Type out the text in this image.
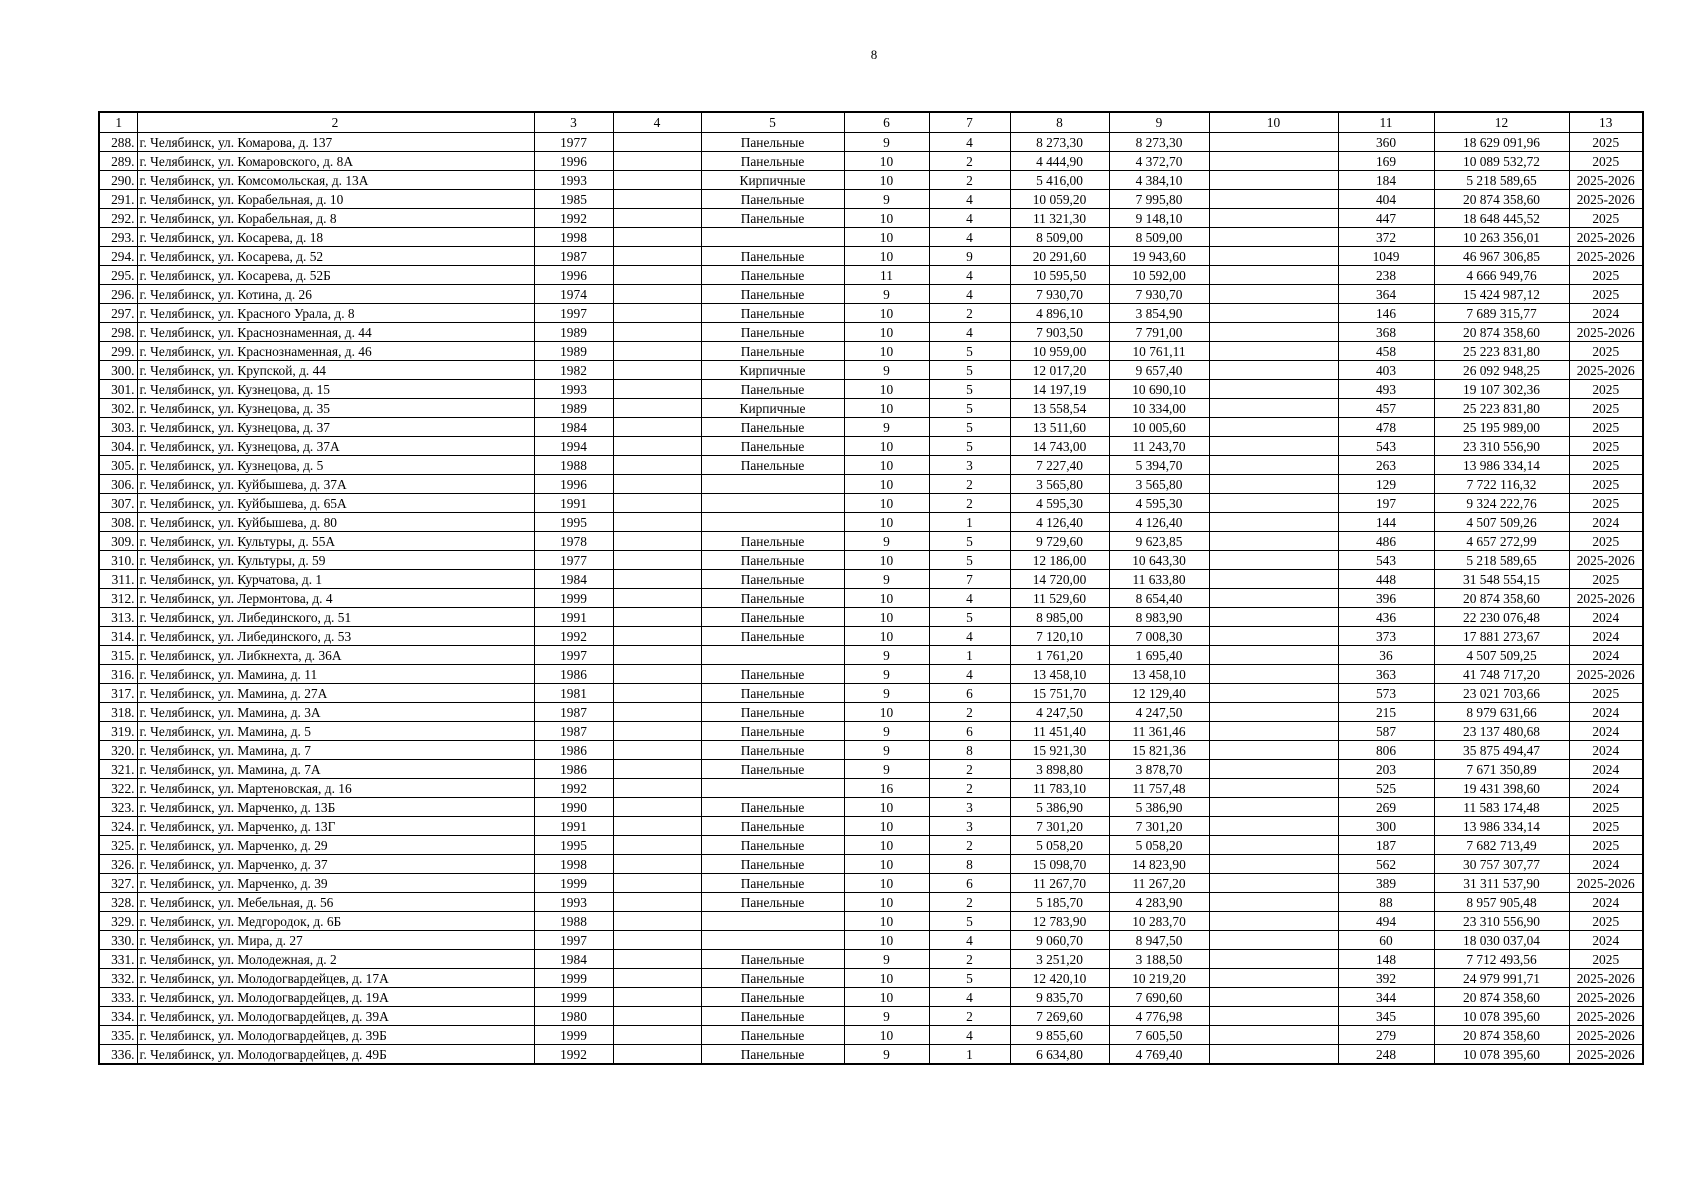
8
1	2	3	4	5	6	7	8	9	10	11	12	13
288.	г. Челябинск, ул. Комарова, д. 137	1977		Панельные	9	4	8 273,30	8 273,30		360	18 629 091,96	2025
289.	г. Челябинск, ул. Комаровского, д. 8А	1996		Панельные	10	2	4 444,90	4 372,70		169	10 089 532,72	2025
290.	г. Челябинск, ул. Комсомольская, д. 13А	1993		Кирпичные	10	2	5 416,00	4 384,10		184	5 218 589,65	2025-2026
291.	г. Челябинск, ул. Корабельная, д. 10	1985		Панельные	9	4	10 059,20	7 995,80		404	20 874 358,60	2025-2026
292.	г. Челябинск, ул. Корабельная, д. 8	1992		Панельные	10	4	11 321,30	9 148,10		447	18 648 445,52	2025
293.	г. Челябинск, ул. Косарева, д. 18	1998			10	4	8 509,00	8 509,00		372	10 263 356,01	2025-2026
294.	г. Челябинск, ул. Косарева, д. 52	1987		Панельные	10	9	20 291,60	19 943,60		1049	46 967 306,85	2025-2026
295.	г. Челябинск, ул. Косарева, д. 52Б	1996		Панельные	11	4	10 595,50	10 592,00		238	4 666 949,76	2025
296.	г. Челябинск, ул. Котина, д. 26	1974		Панельные	9	4	7 930,70	7 930,70		364	15 424 987,12	2025
297.	г. Челябинск, ул. Красного Урала, д. 8	1997		Панельные	10	2	4 896,10	3 854,90		146	7 689 315,77	2024
298.	г. Челябинск, ул. Краснознаменная, д. 44	1989		Панельные	10	4	7 903,50	7 791,00		368	20 874 358,60	2025-2026
299.	г. Челябинск, ул. Краснознаменная, д. 46	1989		Панельные	10	5	10 959,00	10 761,11		458	25 223 831,80	2025
300.	г. Челябинск, ул. Крупской, д. 44	1982		Кирпичные	9	5	12 017,20	9 657,40		403	26 092 948,25	2025-2026
301.	г. Челябинск, ул. Кузнецова, д. 15	1993		Панельные	10	5	14 197,19	10 690,10		493	19 107 302,36	2025
302.	г. Челябинск, ул. Кузнецова, д. 35	1989		Кирпичные	10	5	13 558,54	10 334,00		457	25 223 831,80	2025
303.	г. Челябинск, ул. Кузнецова, д. 37	1984		Панельные	9	5	13 511,60	10 005,60		478	25 195 989,00	2025
304.	г. Челябинск, ул. Кузнецова, д. 37А	1994		Панельные	10	5	14 743,00	11 243,70		543	23 310 556,90	2025
305.	г. Челябинск, ул. Кузнецова, д. 5	1988		Панельные	10	3	7 227,40	5 394,70		263	13 986 334,14	2025
306.	г. Челябинск, ул. Куйбышева, д. 37А	1996			10	2	3 565,80	3 565,80		129	7 722 116,32	2025
307.	г. Челябинск, ул. Куйбышева, д. 65А	1991			10	2	4 595,30	4 595,30		197	9 324 222,76	2025
308.	г. Челябинск, ул. Куйбышева, д. 80	1995			10	1	4 126,40	4 126,40		144	4 507 509,26	2024
309.	г. Челябинск, ул. Культуры, д. 55А	1978		Панельные	9	5	9 729,60	9 623,85		486	4 657 272,99	2025
310.	г. Челябинск, ул. Культуры, д. 59	1977		Панельные	10	5	12 186,00	10 643,30		543	5 218 589,65	2025-2026
311.	г. Челябинск, ул. Курчатова, д. 1	1984		Панельные	9	7	14 720,00	11 633,80		448	31 548 554,15	2025
312.	г. Челябинск, ул. Лермонтова, д. 4	1999		Панельные	10	4	11 529,60	8 654,40		396	20 874 358,60	2025-2026
313.	г. Челябинск, ул. Либединского, д. 51	1991		Панельные	10	5	8 985,00	8 983,90		436	22 230 076,48	2024
314.	г. Челябинск, ул. Либединского, д. 53	1992		Панельные	10	4	7 120,10	7 008,30		373	17 881 273,67	2024
315.	г. Челябинск, ул. Либкнехта, д. 36А	1997			9	1	1 761,20	1 695,40		36	4 507 509,25	2024
316.	г. Челябинск, ул. Мамина, д. 11	1986		Панельные	9	4	13 458,10	13 458,10		363	41 748 717,20	2025-2026
317.	г. Челябинск, ул. Мамина, д. 27А	1981		Панельные	9	6	15 751,70	12 129,40		573	23 021 703,66	2025
318.	г. Челябинск, ул. Мамина, д. 3А	1987		Панельные	10	2	4 247,50	4 247,50		215	8 979 631,66	2024
319.	г. Челябинск, ул. Мамина, д. 5	1987		Панельные	9	6	11 451,40	11 361,46		587	23 137 480,68	2024
320.	г. Челябинск, ул. Мамина, д. 7	1986		Панельные	9	8	15 921,30	15 821,36		806	35 875 494,47	2024
321.	г. Челябинск, ул. Мамина, д. 7А	1986		Панельные	9	2	3 898,80	3 878,70		203	7 671 350,89	2024
322.	г. Челябинск, ул. Мартеновская, д. 16	1992			16	2	11 783,10	11 757,48		525	19 431 398,60	2024
323.	г. Челябинск, ул. Марченко, д. 13Б	1990		Панельные	10	3	5 386,90	5 386,90		269	11 583 174,48	2025
324.	г. Челябинск, ул. Марченко, д. 13Г	1991		Панельные	10	3	7 301,20	7 301,20		300	13 986 334,14	2025
325.	г. Челябинск, ул. Марченко, д. 29	1995		Панельные	10	2	5 058,20	5 058,20		187	7 682 713,49	2025
326.	г. Челябинск, ул. Марченко, д. 37	1998		Панельные	10	8	15 098,70	14 823,90		562	30 757 307,77	2024
327.	г. Челябинск, ул. Марченко, д. 39	1999		Панельные	10	6	11 267,70	11 267,20		389	31 311 537,90	2025-2026
328.	г. Челябинск, ул. Мебельная, д. 56	1993		Панельные	10	2	5 185,70	4 283,90		88	8 957 905,48	2024
329.	г. Челябинск, ул. Медгородок, д. 6Б	1988			10	5	12 783,90	10 283,70		494	23 310 556,90	2025
330.	г. Челябинск, ул. Мира, д. 27	1997			10	4	9 060,70	8 947,50		60	18 030 037,04	2024
331.	г. Челябинск, ул. Молодежная, д. 2	1984		Панельные	9	2	3 251,20	3 188,50		148	7 712 493,56	2025
332.	г. Челябинск, ул. Молодогвардейцев, д. 17А	1999		Панельные	10	5	12 420,10	10 219,20		392	24 979 991,71	2025-2026
333.	г. Челябинск, ул. Молодогвардейцев, д. 19А	1999		Панельные	10	4	9 835,70	7 690,60		344	20 874 358,60	2025-2026
334.	г. Челябинск, ул. Молодогвардейцев, д. 39А	1980		Панельные	9	2	7 269,60	4 776,98		345	10 078 395,60	2025-2026
335.	г. Челябинск, ул. Молодогвардейцев, д. 39Б	1999		Панельные	10	4	9 855,60	7 605,50		279	20 874 358,60	2025-2026
336.	г. Челябинск, ул. Молодогвардейцев, д. 49Б	1992		Панельные	9	1	6 634,80	4 769,40		248	10 078 395,60	2025-2026
